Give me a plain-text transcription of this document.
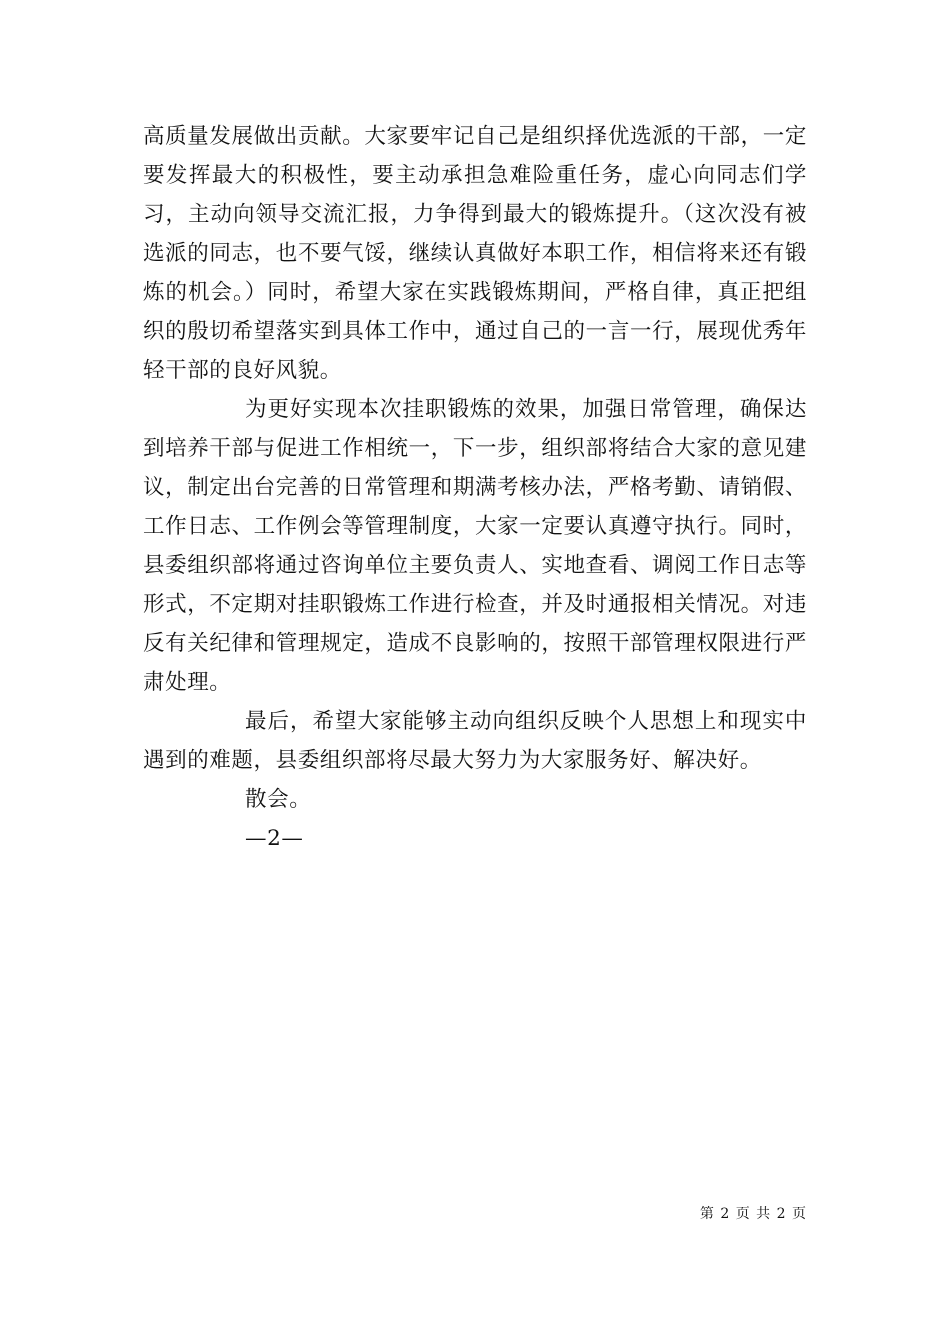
高质量发展做出贡献。大家要牢记自己是组织择优选派的干部，一定要发挥最大的积极性，要主动承担急难险重任务，虚心向同志们学习，主动向领导交流汇报，力争得到最大的锻炼提升。（这次没有被选派的同志，也不要气馁，继续认真做好本职工作，相信将来还有锻炼的机会。）同时，希望大家在实践锻炼期间，严格自律，真正把组织的殷切希望落实到具体工作中，通过自己的一言一行，展现优秀年轻干部的良好风貌。

为更好实现本次挂职锻炼的效果，加强日常管理，确保达到培养干部与促进工作相统一，下一步，组织部将结合大家的意见建议，制定出台完善的日常管理和期满考核办法，严格考勤、请销假、工作日志、工作例会等管理制度，大家一定要认真遵守执行。同时，县委组织部将通过咨询单位主要负责人、实地查看、调阅工作日志等形式，不定期对挂职锻炼工作进行检查，并及时通报相关情况。对违反有关纪律和管理规定，造成不良影响的，按照干部管理权限进行严肃处理。

最后，希望大家能够主动向组织反映个人思想上和现实中遇到的难题，县委组织部将尽最大努力为大家服务好、解决好。

散会。

—2—

第 2 页 共 2 页
